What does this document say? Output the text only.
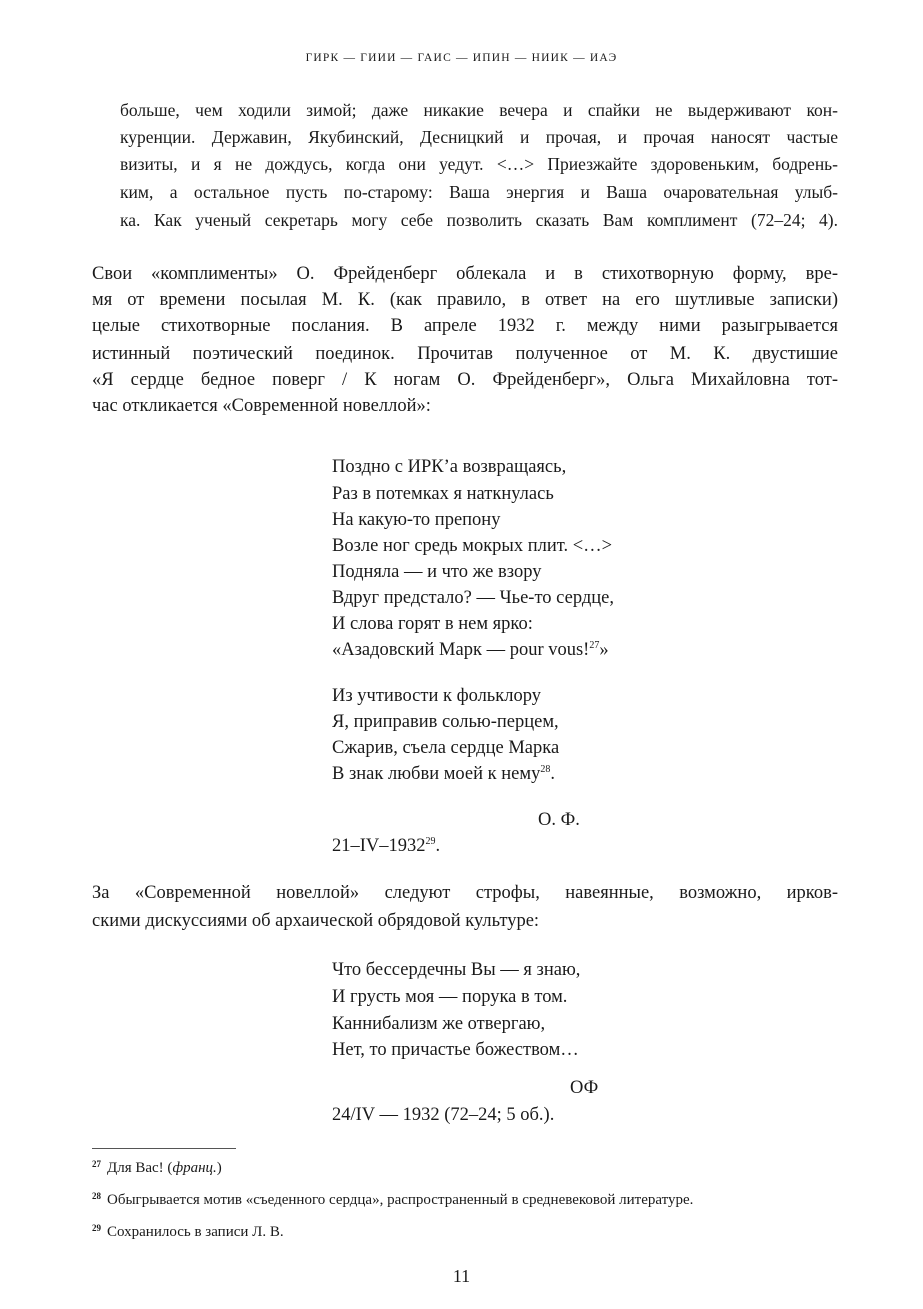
ГИРК — ГИИИ — ГАИС — ИПИН — НИИК — ИАЭ
больше, чем ходили зимой; даже никакие вечера и спайки не выдерживают кон-
куренции. Державин, Якубинский, Десницкий и прочая, и прочая наносят частые
визиты, и я не дождусь, когда они уедут. <…> Приезжайте здоровеньким, бодрень-
ким, а остальное пусть по-старому: Ваша энергия и Ваша очаровательная улыб-
ка. Как ученый секретарь могу себе позволить сказать Вам комплимент (72–24; 4).
Свои «комплименты» О. Фрейденберг облекала и в стихотворную форму, вре-
мя от времени посылая М. К. (как правило, в ответ на его шутливые записки)
целые стихотворные послания. В апреле 1932 г. между ними разыгрывается
истинный поэтический поединок. Прочитав полученное от М. К. двустишие
«Я сердце бедное поверг / К ногам О. Фрейденберг», Ольга Михайловна тот-
час откликается «Современной новеллой»:
Поздно с ИРК’а возвращаясь,
Раз в потемках я наткнулась
На какую-то препону
Возле ног средь мокрых плит. <…>
Подняла — и что же взору
Вдруг предстало? — Чье-то сердце,
И слова горят в нем ярко:
«Азадовский Марк — pour vous!$^{27}$»
Из учтивости к фольклору
Я, приправив солью-перцем,
Сжарив, съела сердце Марка
В знак любви моей к нему$^{28}$.
О. Ф.
21–IV–1932$^{29}$.
За «Современной новеллой» следуют строфы, навеянные, возможно, ирков-
скими дискуссиями об архаической обрядовой культуре:
Что бессердечны Вы — я знаю,
И грусть моя — порука в том.
Каннибализм же отвергаю,
Нет, то причастье божеством…
ОФ
24/IV — 1932 (72–24; 5 об.).
$^{27}$ Для Вас! (франц.)
$^{28}$ Обыгрывается мотив «съеденного сердца», распространенный в средневековой литературе.
$^{29}$ Сохранилось в записи Л. В.
11
